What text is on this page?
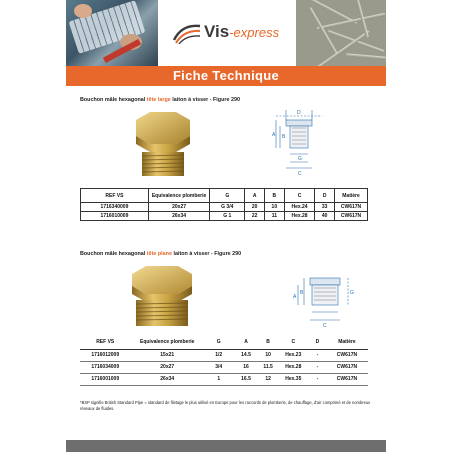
Vis-express
Fiche Technique
Bouchon mâle hexagonal tête large laiton à visser - Figure 290
D
A B
G
C
REF VS	Equivalence plomberie	G	A	B	C	D	Matière
1716340009	20x27	G 3/4	20	10	Hex.24	33	CW617N
1716010009	26x34	G 1	22	11	Hex.28	40	CW617N
Bouchon mâle hexagonal tête plane laiton à visser - Figure 290
A
B	G
C
REF VS	Equivalence plomberie	G	A	B	C	D	Matière
1716012009	15x21	1/2	14.5	10	Hex.23	-	CW617N
1716034009	20x27	3/4	16	11.5	Hex.28	-	CW617N
1716001009	26x34	1	16.5	12	Hex.35	-	CW617N
*BSP signifie British Standard Pipe = standard de filetage le plus utilisé en Europe pour les raccords de plomberie, de chauffage, d'air comprimé et de nombreux réseaux de fluides.
